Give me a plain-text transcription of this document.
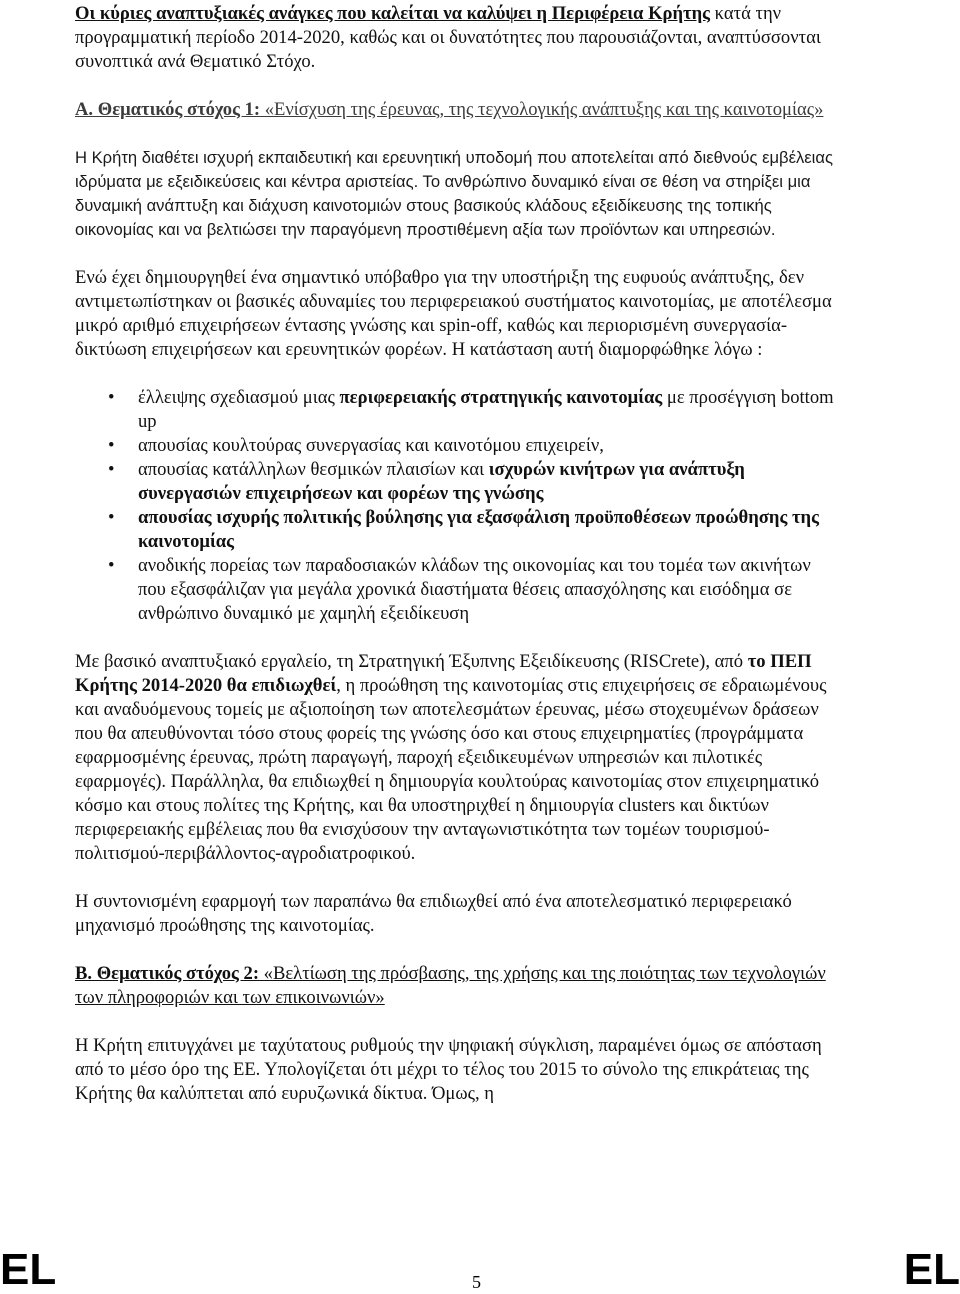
Οι κύριες αναπτυξιακές ανάγκες που καλείται να καλύψει η Περιφέρεια Κρήτης κατά την προγραμματική περίοδο 2014-2020, καθώς και οι δυνατότητες που παρουσιάζονται, αναπτύσσονται συνοπτικά ανά Θεματικό Στόχο.

Α. Θεματικός στόχος 1: «Ενίσχυση της έρευνας, της τεχνολογικής ανάπτυξης και της καινοτομίας»

Η Κρήτη διαθέτει ισχυρή εκπαιδευτική και ερευνητική υποδομή που αποτελείται από διεθνούς εμβέλειας ιδρύματα με εξειδικεύσεις και κέντρα αριστείας. Το ανθρώπινο δυναμικό είναι σε θέση να στηρίξει μια δυναμική ανάπτυξη και διάχυση καινοτομιών στους βασικούς κλάδους εξειδίκευσης της τοπικής οικονομίας και να βελτιώσει την παραγόμενη προστιθέμενη αξία των προϊόντων και υπηρεσιών.

Ενώ έχει δημιουργηθεί ένα σημαντικό υπόβαθρο για την υποστήριξη της ευφυούς ανάπτυξης, δεν αντιμετωπίστηκαν οι βασικές αδυναμίες του περιφερειακού συστήματος καινοτομίας, με αποτέλεσμα μικρό αριθμό επιχειρήσεων έντασης γνώσης και spin-off, καθώς και περιορισμένη συνεργασία-δικτύωση επιχειρήσεων και ερευνητικών φορέων. Η κατάσταση αυτή διαμορφώθηκε λόγω :

• έλλειψης σχεδιασμού μιας περιφερειακής στρατηγικής καινοτομίας με προσέγγιση bottom up
• απουσίας κουλτούρας συνεργασίας και καινοτόμου επιχειρείν,
• απουσίας κατάλληλων θεσμικών πλαισίων και ισχυρών κινήτρων για ανάπτυξη συνεργασιών επιχειρήσεων και φορέων της γνώσης
• απουσίας ισχυρής πολιτικής βούλησης για εξασφάλιση προϋποθέσεων προώθησης της καινοτομίας
• ανοδικής πορείας των παραδοσιακών κλάδων της οικονομίας και του τομέα των ακινήτων που εξασφάλιζαν για μεγάλα χρονικά διαστήματα θέσεις απασχόλησης και εισόδημα σε ανθρώπινο δυναμικό με χαμηλή εξειδίκευση

Με βασικό αναπτυξιακό εργαλείο, τη Στρατηγική Έξυπνης Εξειδίκευσης (RISCrete), από το ΠΕΠ Κρήτης 2014-2020 θα επιδιωχθεί, η προώθηση της καινοτομίας στις επιχειρήσεις σε εδραιωμένους και αναδυόμενους τομείς με αξιοποίηση των αποτελεσμάτων έρευνας, μέσω στοχευμένων δράσεων που θα απευθύνονται τόσο στους φορείς της γνώσης όσο και στους επιχειρηματίες (προγράμματα εφαρμοσμένης έρευνας, πρώτη παραγωγή, παροχή εξειδικευμένων υπηρεσιών και πιλοτικές εφαρμογές). Παράλληλα, θα επιδιωχθεί η δημιουργία κουλτούρας καινοτομίας στον επιχειρηματικό κόσμο και στους πολίτες της Κρήτης, και θα υποστηριχθεί η δημιουργία clusters και δικτύων περιφερειακής εμβέλειας που θα ενισχύσουν την ανταγωνιστικότητα των τομέων τουρισμού-πολιτισμού-περιβάλλοντος-αγροδιατροφικού.

Η συντονισμένη εφαρμογή των παραπάνω θα επιδιωχθεί από ένα αποτελεσματικό περιφερειακό μηχανισμό προώθησης της καινοτομίας.

Β. Θεματικός στόχος 2: «Βελτίωση της πρόσβασης, της χρήσης και της ποιότητας των τεχνολογιών των πληροφοριών και των επικοινωνιών»

Η Κρήτη επιτυγχάνει με ταχύτατους ρυθμούς την ψηφιακή σύγκλιση, παραμένει όμως σε απόσταση από το μέσο όρο της ΕΕ. Υπολογίζεται ότι μέχρι το τέλος του 2015 το σύνολο της επικράτειας της Κρήτης θα καλύπτεται από ευρυζωνικά δίκτυα. Όμως, η

EL	5	EL
